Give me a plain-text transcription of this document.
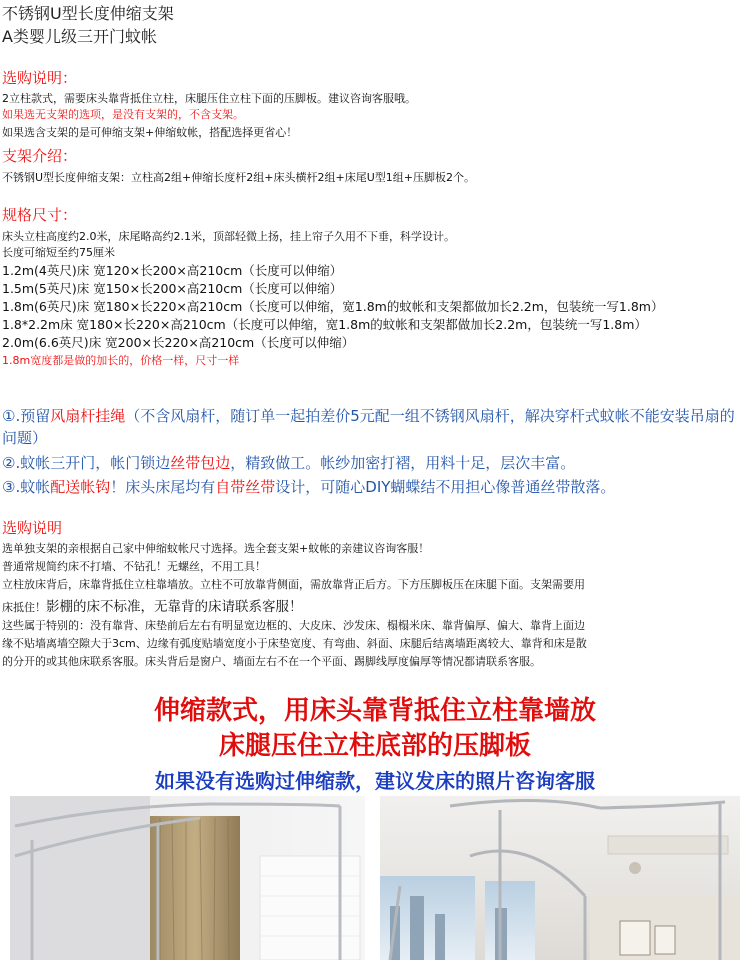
不锈钢U型长度伸缩支架
A类婴儿级三开门蚊帐
选购说明：
2立柱款式，需要床头靠背抵住立柱，床腿压住立柱下面的压脚板。建议咨询客服哦。
如果选无支架的选项，是没有支架的，不含支架。
如果选含支架的是可伸缩支架+伸缩蚊帐，搭配选择更省心！
支架介绍：
不锈钢U型长度伸缩支架：立柱高2组+伸缩长度杆2组+床头横杆2组+床尾U型1组+压脚板2个。
规格尺寸：
床头立柱高度约2.0米，床尾略高约2.1米，顶部轻微上扬，挂上帘子久用不下垂，科学设计。
长度可缩短至约75厘米
1.2m(4英尺)床 宽120×长200×高210cm（长度可以伸缩）
1.5m(5英尺)床 宽150×长200×高210cm（长度可以伸缩）
1.8m(6英尺)床 宽180×长220×高210cm（长度可以伸缩，宽1.8m的蚊帐和支架都做加长2.2m，包装统一写1.8m）
1.8*2.2m床 宽180×长220×高210cm（长度可以伸缩，宽1.8m的蚊帐和支架都做加长2.2m，包装统一写1.8m）
2.0m(6.6英尺)床 宽200×长220×高210cm（长度可以伸缩）
1.8m宽度都是做的加长的，价格一样，尺寸一样
①.预留风扇杆挂绳（不含风扇杆，随订单一起拍差价5元配一组不锈钢风扇杆，解决穿杆式蚊帐不能安装吊扇的问题）
②.蚊帐三开门，帐门锁边丝带包边，精致做工。帐纱加密打褶，用料十足，层次丰富。
③.蚊帐配送帐钩！床头床尾均有自带丝带设计，可随心DIY蝴蝶结不用担心像普通丝带散落。
选购说明
选单独支架的亲根据自己家中伸缩蚊帐尺寸选择。选全套支架+蚊帐的亲建议咨询客服！
普通常规简约床不打墙、不钻孔！无螺丝，不用工具！
立柱放床背后，床靠背抵住立柱靠墙放。立柱不可放靠背侧面，需放靠背正后方。下方压脚板压在床腿下面。支架需要用
床抵住！影棚的床不标准，无靠背的床请联系客服！
这些属于特别的：没有靠背、床垫前后左右有明显宽边框的、大皮床、沙发床、榻榻米床、靠背偏厚、偏大、靠背上面边
缘不贴墙离墙空隙大于3cm、边缘有弧度贴墙宽度小于床垫宽度、有弯曲、斜面、床腿后结离墙距离较大、靠背和床是散
的分开的或其他床联系客服。床头背后是窗户、墙面左右不在一个平面、踢脚线厚度偏厚等情况都请联系客服。
伸缩款式，用床头靠背抵住立柱靠墙放
床腿压住立柱底部的压脚板
如果没有选购过伸缩款，建议发床的照片咨询客服
